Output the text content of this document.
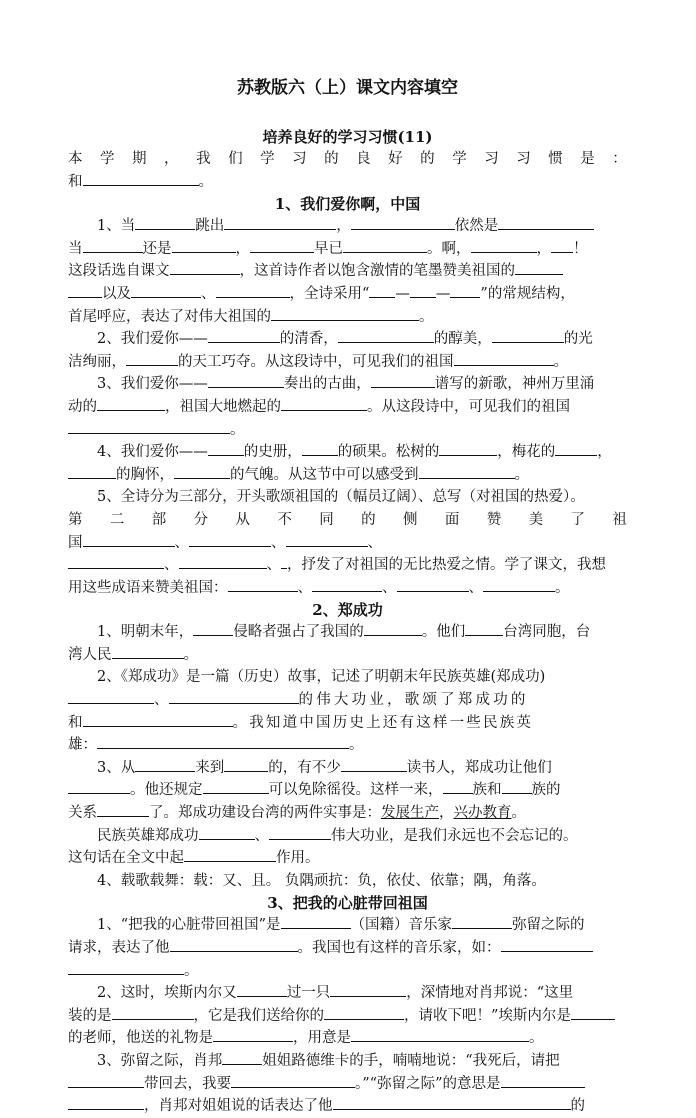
苏教版六（上）课文内容填空
培养良好的学习习惯(11)
本 学 期 ， 我 们 学 习 的 良 好 的 学 习 习 惯 是 ：
和	。
1、我们爱你啊，中国
1、当	跳出	，	依然是
当	还是	，	早已	。啊，	， ！
这段话选自课文	，这首诗作者以饱含激情的笔墨赞美祖国的
以及	、	，全诗采用“ — — ”的常规结构，
首尾呼应，表达了对伟大祖国的	。
2、我们爱你——	的清香，	的醇美，	的光
洁绚丽，	的天工巧夺。从这段诗中，可见我们的祖国	。
3、我们爱你——	奏出的古曲，	谱写的新歌，神州万里涌
动的	，祖国大地燃起的	。从这段诗中，可见我们的祖国
。
4、我们爱你—— 的史册， 的硕果。松树的	，梅花的	，
的胸怀，	的气魄。从这节中可以感受到	。
5、全诗分为三部分，开头歌颂祖国的（幅员辽阔）、总写（对祖国的热爱）。
第 二 部 分 从 不 同 的 侧 面 赞 美 了 祖
国	、	、	、
、	、 ，抒发了对祖国的无比热爱之情。学了课文，我想
用这些成语来赞美祖国：	、	、	、	。
2、郑成功
1、明朝末年，	侵略者强占了我国的	。他们	台湾同胞，台
湾人民	。
2、《郑成功》是一篇（历史）故事，记述了明朝末年民族英雄(郑成功)
、	的伟大功业，歌颂了郑成功的
和	。我知道中国历史上还有这样一些民族英
雄：	。
3、从	来到	的，有不少	读书人，郑成功让他们
。他还规定	可以免除徭役。这样一来， 族和 族的
关系	了。郑成功建设台湾的两件实事是：发展生产，兴办教育。
民族英雄郑成功	、	伟大功业，是我们永远也不会忘记的。
这句话在全文中起	作用。
4、载歌载舞：载：又、且。 负隅顽抗：负，依仗、依靠；隅，角落。
3、把我的心脏带回祖国
1、“把我的心脏带回祖国”是	（国籍）音乐家	弥留之际的
请求，表达了他	。我国也有这样的音乐家，如：
。
2、这时，埃斯内尔又	过一只	，深情地对肖邦说：“这里
装的是	，它是我们送给你的	，请收下吧！”埃斯内尔是
的老师，他送的礼物是	，用意是	。
3、弥留之际，肖邦	姐姐路德维卡的手，喃喃地说：“我死后，请把
带回去，我要	。”“弥留之际”的意思是
，肖邦对姐姐说的话表达了他	的
